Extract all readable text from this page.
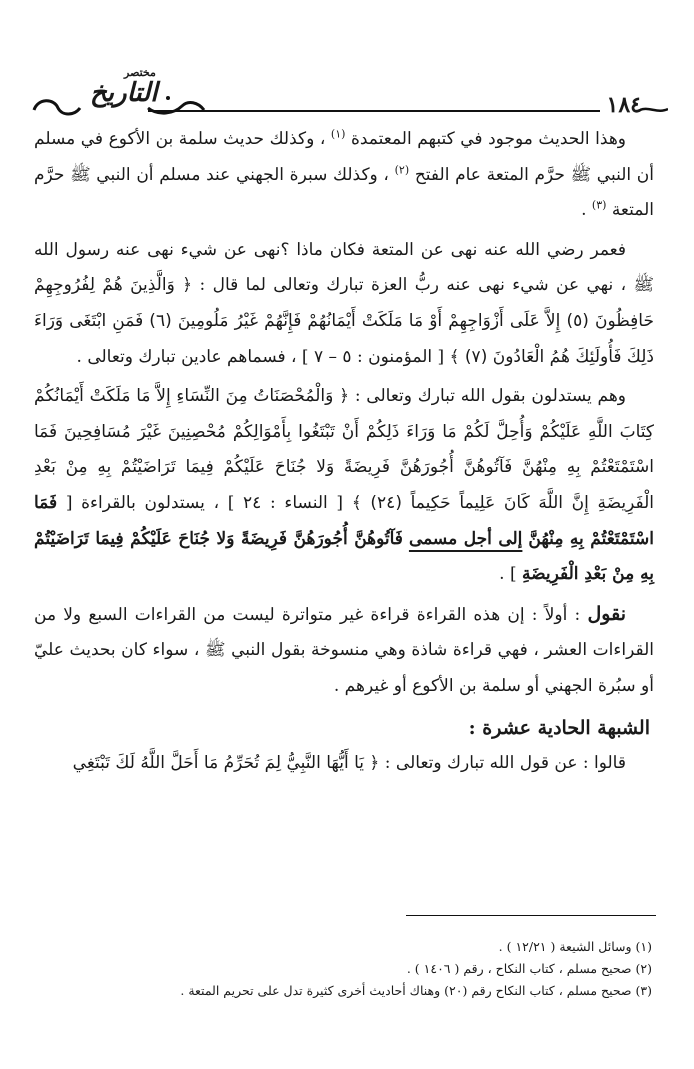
مختصر
التاريخ	١٨٤

وهذا الحديث موجود في كتبهم المعتمدة $^{(١)}$ ، وكذلك حديث سلمة بن الأكوع في مسلم أن النبي ﷺ حرَّم المتعة عام الفتح $^{(٢)}$ ، وكذلك سبرة الجهني عند مسلم أن النبي ﷺ حرَّم المتعة $^{(٣)}$ .

فعمر رضي الله عنه نهى عن المتعة فكان ماذا ؟نهى عن شيء نهى عنه رسول الله ﷺ ، نهي عن شيء نهى عنه ربُّ العزة تبارك وتعالى لما قال : ﴿ وَالَّذِينَ هُمْ لِفُرُوجِهِمْ حَافِظُونَ (٥) إِلاَّ عَلَى أَزْوَاجِهِمْ أَوْ مَا مَلَكَتْ أَيْمَانُهُمْ فَإِنَّهُمْ غَيْرُ مَلُومِينَ (٦) فَمَنِ ابْتَغَى وَرَاءَ ذَلِكَ فَأُولَئِكَ هُمُ الْعَادُونَ (٧) ﴾ [ المؤمنون : ٥ – ٧ ] ، فسماهم عادين تبارك وتعالى .

وهم يستدلون بقول الله تبارك وتعالى : ﴿ وَالْمُحْصَنَاتُ مِنَ النِّسَاءِ إِلاَّ مَا مَلَكَتْ أَيْمَانُكُمْ كِتَابَ اللَّهِ عَلَيْكُمْ وَأُحِلَّ لَكُمْ مَا وَرَاءَ ذَلِكُمْ أَنْ تَبْتَغُوا بِأَمْوَالِكُمْ مُحْصِنِينَ غَيْرَ مُسَافِحِينَ فَمَا اسْتَمْتَعْتُمْ بِهِ مِنْهُنَّ فَآتُوهُنَّ أُجُورَهُنَّ فَرِيضَةً وَلا جُنَاحَ عَلَيْكُمْ فِيمَا تَرَاضَيْتُمْ بِهِ مِنْ بَعْدِ الْفَرِيضَةِ إِنَّ اللَّهَ كَانَ عَلِيماً حَكِيماً (٢٤) ﴾ [ النساء : ٢٤ ] ، يستدلون بالقراءة [ فَمَا اسْتَمْتَعْتُمْ بِهِ مِنْهُنَّ إلى أجل مسمى فَآتُوهُنَّ أُجُورَهُنَّ فَرِيضَةً وَلا جُنَاحَ عَلَيْكُمْ فِيمَا تَرَاضَيْتُمْ بِهِ مِنْ بَعْدِ الْفَرِيضَةِ ] .

نقول : أولاً : إن هذه القراءة قراءة غير متواترة ليست من القراءات السبع ولا من القراءات العشر ، فهي قراءة شاذة وهي منسوخة بقول النبي ﷺ ، سواء كان بحديث عليّ أو سبُرة الجهني أو سلمة بن الأكوع أو غيرهم .

الشبهة الحادية عشرة :

قالوا : عن قول الله تبارك وتعالى : ﴿ يَا أَيُّهَا النَّبِيُّ لِمَ تُحَرِّمُ مَا أَحَلَّ اللَّهُ لَكَ تَبْتَغِي

(١) وسائل الشيعة ( ١٢/٢١ ) .
(٢) صحيح مسلم ، كتاب النكاح ، رقم ( ١٤٠٦ ) .
(٣) صحيح مسلم ، كتاب النكاح رقم (٢٠) وهناك أحاديث أخرى كثيرة تدل على تحريم المتعة .
